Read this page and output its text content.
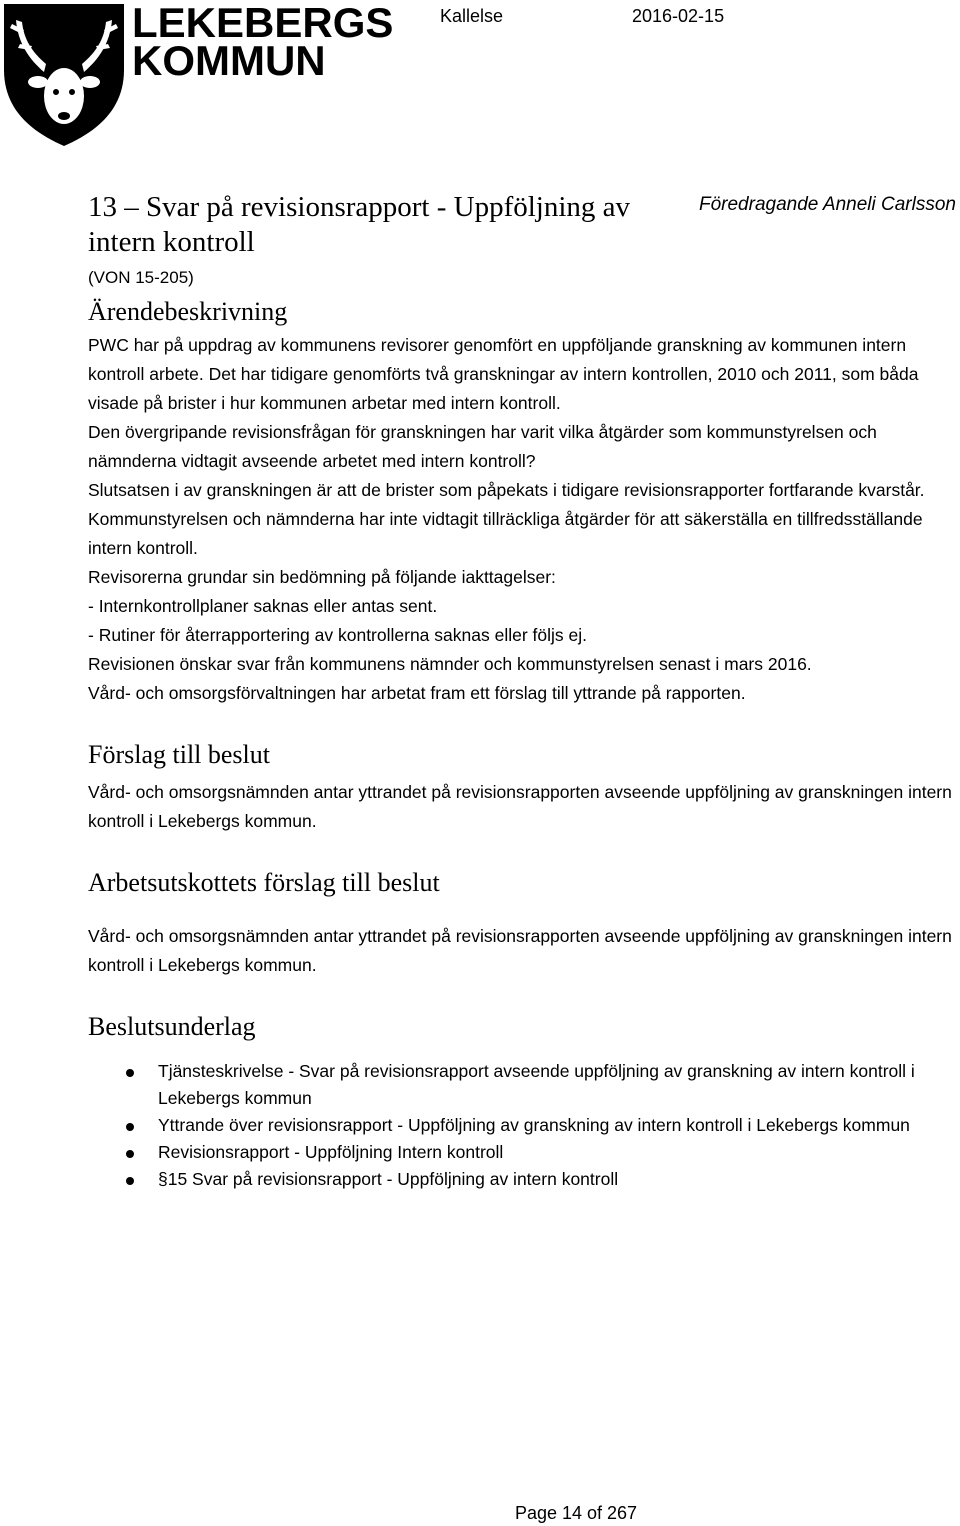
LEKEBERGS
KOMMUN
Kallelse	2016-02-15
13 – Svar på revisionsrapport - Uppföljning av intern kontroll
Föredragande Anneli Carlsson
(VON 15-205)
Ärendebeskrivning

PWC har på uppdrag av kommunens revisorer genomfört en uppföljande granskning av kommunen intern kontroll arbete. Det har tidigare genomförts två granskningar av intern kontrollen, 2010 och 2011, som båda visade på brister i hur kommunen arbetar med intern kontroll.

Den övergripande revisionsfrågan för granskningen har varit vilka åtgärder som kommunstyrelsen och nämnderna vidtagit avseende arbetet med intern kontroll?

Slutsatsen i av granskningen är att de brister som påpekats i tidigare revisionsrapporter fortfarande kvarstår. Kommunstyrelsen och nämnderna har inte vidtagit tillräckliga åtgärder för att säkerställa en tillfredsställande intern kontroll.

Revisorerna grundar sin bedömning på följande iakttagelser:

- Internkontrollplaner saknas eller antas sent.

- Rutiner för återrapportering av kontrollerna saknas eller följs ej.

Revisionen önskar svar från kommunens nämnder och kommunstyrelsen senast i mars 2016.

Vård- och omsorgsförvaltningen har arbetat fram ett förslag till yttrande på rapporten.

Förslag till beslut

Vård- och omsorgsnämnden antar yttrandet på revisionsrapporten avseende uppföljning av granskningen intern kontroll i Lekebergs kommun.

Arbetsutskottets förslag till beslut

Vård- och omsorgsnämnden antar yttrandet på revisionsrapporten avseende uppföljning av granskningen intern kontroll i Lekebergs kommun.

Beslutsunderlag
Tjänsteskrivelse - Svar på revisionsrapport avseende uppföljning av granskning av intern kontroll i Lekebergs kommun
Yttrande över revisionsrapport - Uppföljning av granskning av intern kontroll i Lekebergs kommun
Revisionsrapport - Uppföljning Intern kontroll
§15 Svar på revisionsrapport - Uppföljning av intern kontroll
Page 14 of 267
